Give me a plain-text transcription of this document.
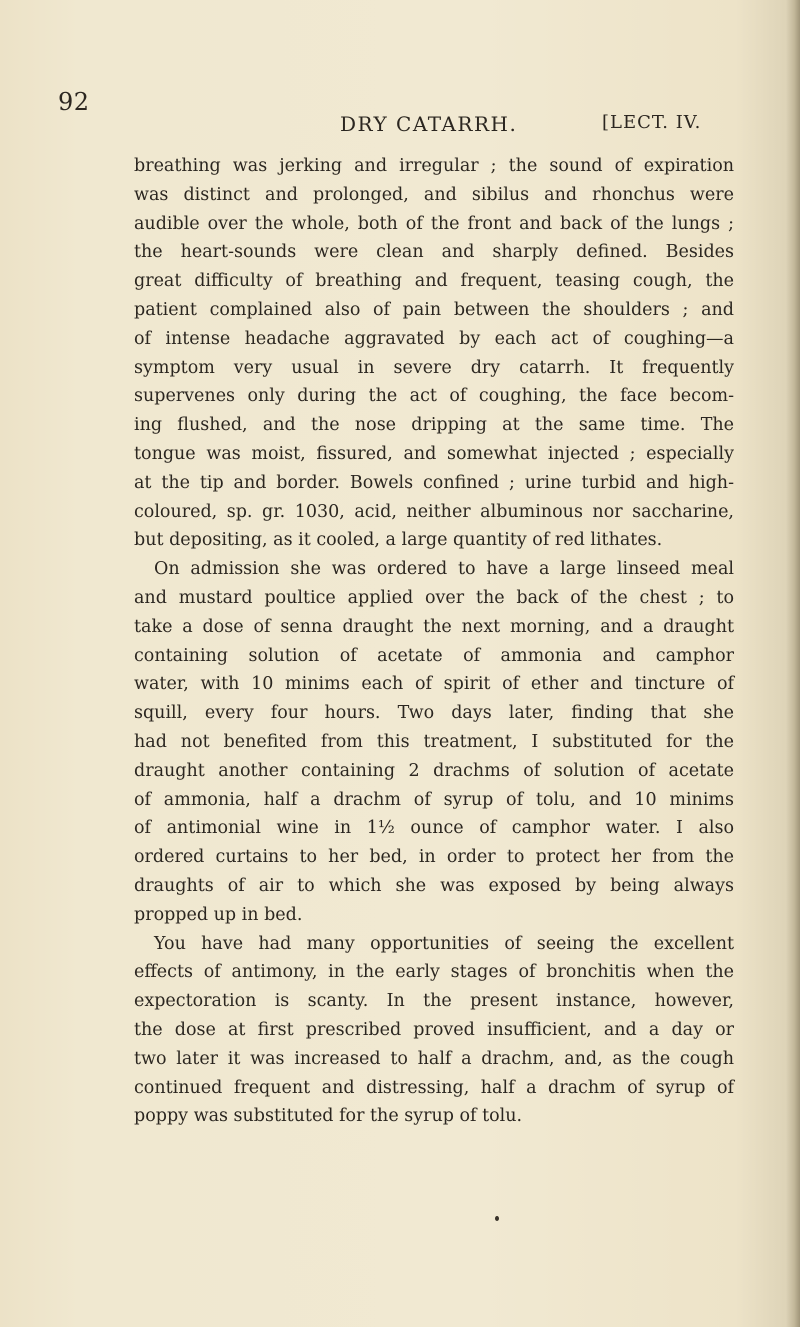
92
DRY CATARRH.	[LECT. IV.
breathing was jerking and irregular ; the sound of expiration
was distinct and prolonged, and sibilus and rhonchus were
audible over the whole, both of the front and back of the lungs ;
the heart-sounds were clean and sharply defined. Besides
great difficulty of breathing and frequent, teasing cough, the
patient complained also of pain between the shoulders ; and
of intense headache aggravated by each act of coughing—a
symptom very usual in severe dry catarrh. It frequently
supervenes only during the act of coughing, the face becom-
ing flushed, and the nose dripping at the same time. The
tongue was moist, fissured, and somewhat injected ; especially
at the tip and border. Bowels confined ; urine turbid and high-
coloured, sp. gr. 1030, acid, neither albuminous nor saccharine,
but depositing, as it cooled, a large quantity of red lithates.
On admission she was ordered to have a large linseed meal
and mustard poultice applied over the back of the chest ; to
take a dose of senna draught the next morning, and a draught
containing solution of acetate of ammonia and camphor
water, with 10 minims each of spirit of ether and tincture of
squill, every four hours. Two days later, finding that she
had not benefited from this treatment, I substituted for the
draught another containing 2 drachms of solution of acetate
of ammonia, half a drachm of syrup of tolu, and 10 minims
of antimonial wine in 1½ ounce of camphor water. I also
ordered curtains to her bed, in order to protect her from the
draughts of air to which she was exposed by being always
propped up in bed.
You have had many opportunities of seeing the excellent
effects of antimony, in the early stages of bronchitis when the
expectoration is scanty. In the present instance, however,
the dose at first prescribed proved insufficient, and a day or
two later it was increased to half a drachm, and, as the cough
continued frequent and distressing, half a drachm of syrup of
poppy was substituted for the syrup of tolu.
